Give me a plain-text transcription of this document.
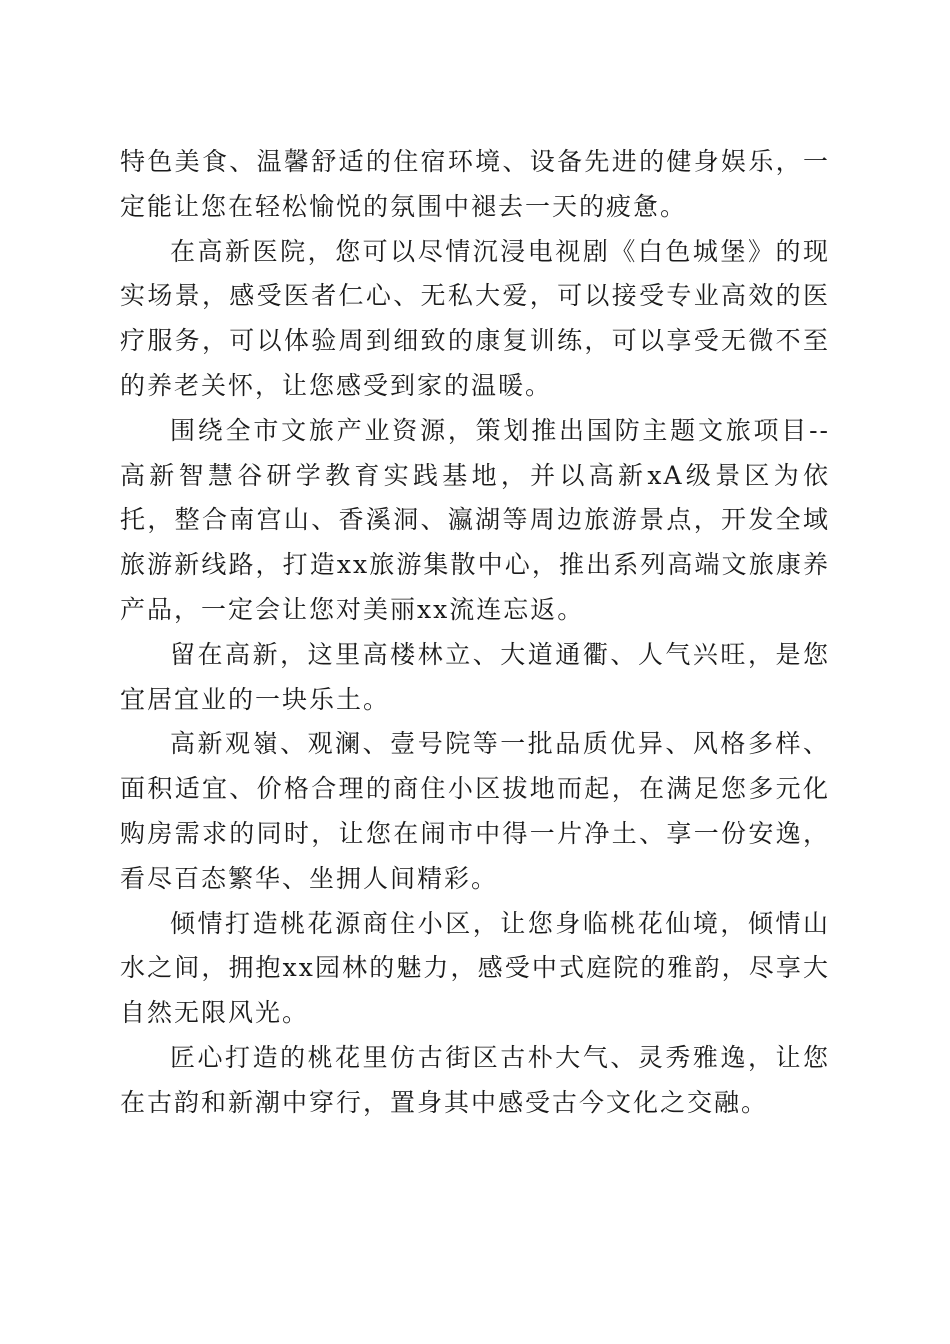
特色美食、温馨舒适的住宿环境、设备先进的健身娱乐，一定能让您在轻松愉悦的氛围中褪去一天的疲惫。

在高新医院，您可以尽情沉浸电视剧《白色城堡》的现实场景，感受医者仁心、无私大爱，可以接受专业高效的医疗服务，可以体验周到细致的康复训练，可以享受无微不至的养老关怀，让您感受到家的温暖。

围绕全市文旅产业资源，策划推出国防主题文旅项目--高新智慧谷研学教育实践基地，并以高新xA级景区为依托，整合南宫山、香溪洞、瀛湖等周边旅游景点，开发全域旅游新线路，打造xx旅游集散中心，推出系列高端文旅康养产品，一定会让您对美丽xx流连忘返。

留在高新，这里高楼林立、大道通衢、人气兴旺，是您宜居宜业的一块乐土。

高新观嶺、观澜、壹号院等一批品质优异、风格多样、面积适宜、价格合理的商住小区拔地而起，在满足您多元化购房需求的同时，让您在闹市中得一片净土、享一份安逸，看尽百态繁华、坐拥人间精彩。

倾情打造桃花源商住小区，让您身临桃花仙境，倾情山水之间，拥抱xx园林的魅力，感受中式庭院的雅韵，尽享大自然无限风光。

匠心打造的桃花里仿古街区古朴大气、灵秀雅逸，让您在古韵和新潮中穿行，置身其中感受古今文化之交融。
